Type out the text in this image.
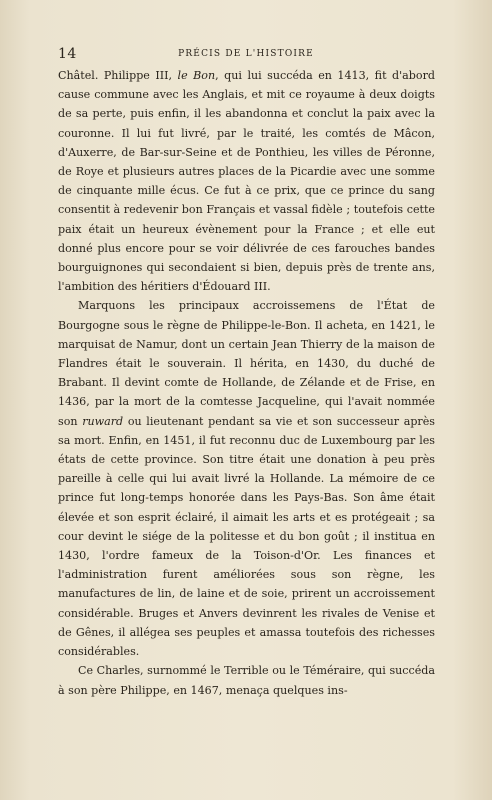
14	PRÉCIS DE L'HISTOIRE

Châtel. Philippe III, le Bon, qui lui succéda en 1413, fit d'abord cause commune avec les Anglais, et mit ce royaume à deux doigts de sa perte, puis enfin, il les abandonna et conclut la paix avec la couronne. Il lui fut livré, par le traité, les comtés de Mâcon, d'Auxerre, de Bar-sur-Seine et de Ponthieu, les villes de Péronne, de Roye et plusieurs autres places de la Picardie avec une somme de cinquante mille écus. Ce fut à ce prix, que ce prince du sang consentit à redevenir bon Français et vassal fidèle ; toutefois cette paix était un heureux évènement pour la France ; et elle eut donné plus encore pour se voir délivrée de ces farouches bandes bourguignones qui secondaient si bien, depuis près de trente ans, l'ambition des héritiers d'Édouard III.

Marquons les principaux accroissemens de l'État de Bourgogne sous le règne de Philippe-le-Bon. Il acheta, en 1421, le marquisat de Namur, dont un certain Jean Thierry de la maison de Flandres était le souverain. Il hérita, en 1430, du duché de Brabant. Il devint comte de Hollande, de Zélande et de Frise, en 1436, par la mort de la comtesse Jacqueline, qui l'avait nommée son ruward ou lieutenant pendant sa vie et son successeur après sa mort. Enfin, en 1451, il fut reconnu duc de Luxembourg par les états de cette province. Son titre était une donation à peu près pareille à celle qui lui avait livré la Hollande. La mémoire de ce prince fut long-temps honorée dans les Pays-Bas. Son âme était élevée et son esprit éclairé, il aimait les arts et es protégeait ; sa cour devint le siége de la politesse et du bon goût ; il institua en 1430, l'ordre fameux de la Toison-d'Or. Les finances et l'administration furent améliorées sous son règne, les manufactures de lin, de laine et de soie, prirent un accroissement considérable. Bruges et Anvers devinrent les rivales de Venise et de Gênes, il allégea ses peuples et amassa toutefois des richesses considérables.

Ce Charles, surnommé le Terrible ou le Téméraire, qui succéda à son père Philippe, en 1467, menaça quelques ins-
